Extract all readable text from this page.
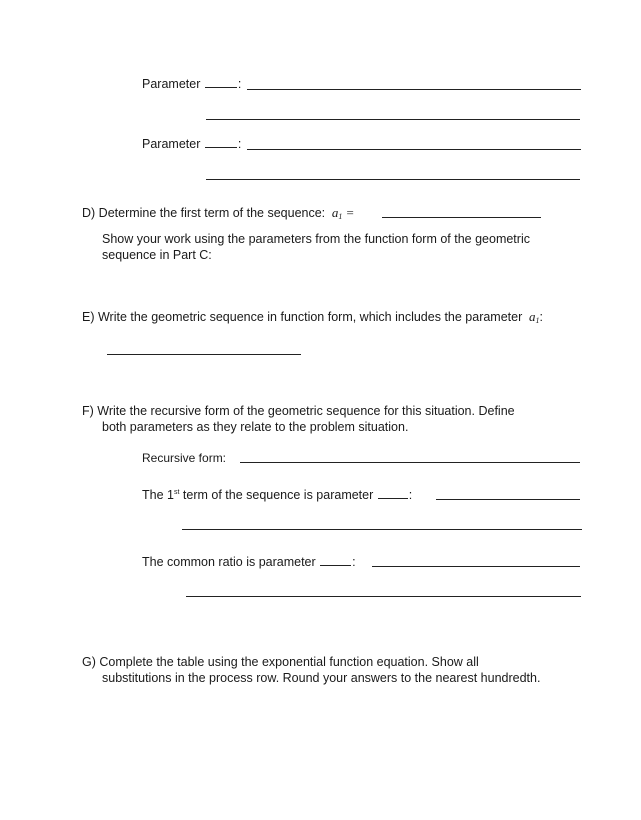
Parameter	:
Parameter	:
D) Determine the first term of the sequence: $a_1$ =
Show your work using the parameters from the function form of the geometric
sequence in Part C:
E) Write the geometric sequence in function form, which includes the parameter $a_1$:
F) Write the recursive form of the geometric sequence for this situation. Define
both parameters as they relate to the problem situation.
Recursive form:
The 1st term of the sequence is parameter	:
The common ratio is parameter	:
G) Complete the table using the exponential function equation. Show all
substitutions in the process row. Round your answers to the nearest hundredth.
